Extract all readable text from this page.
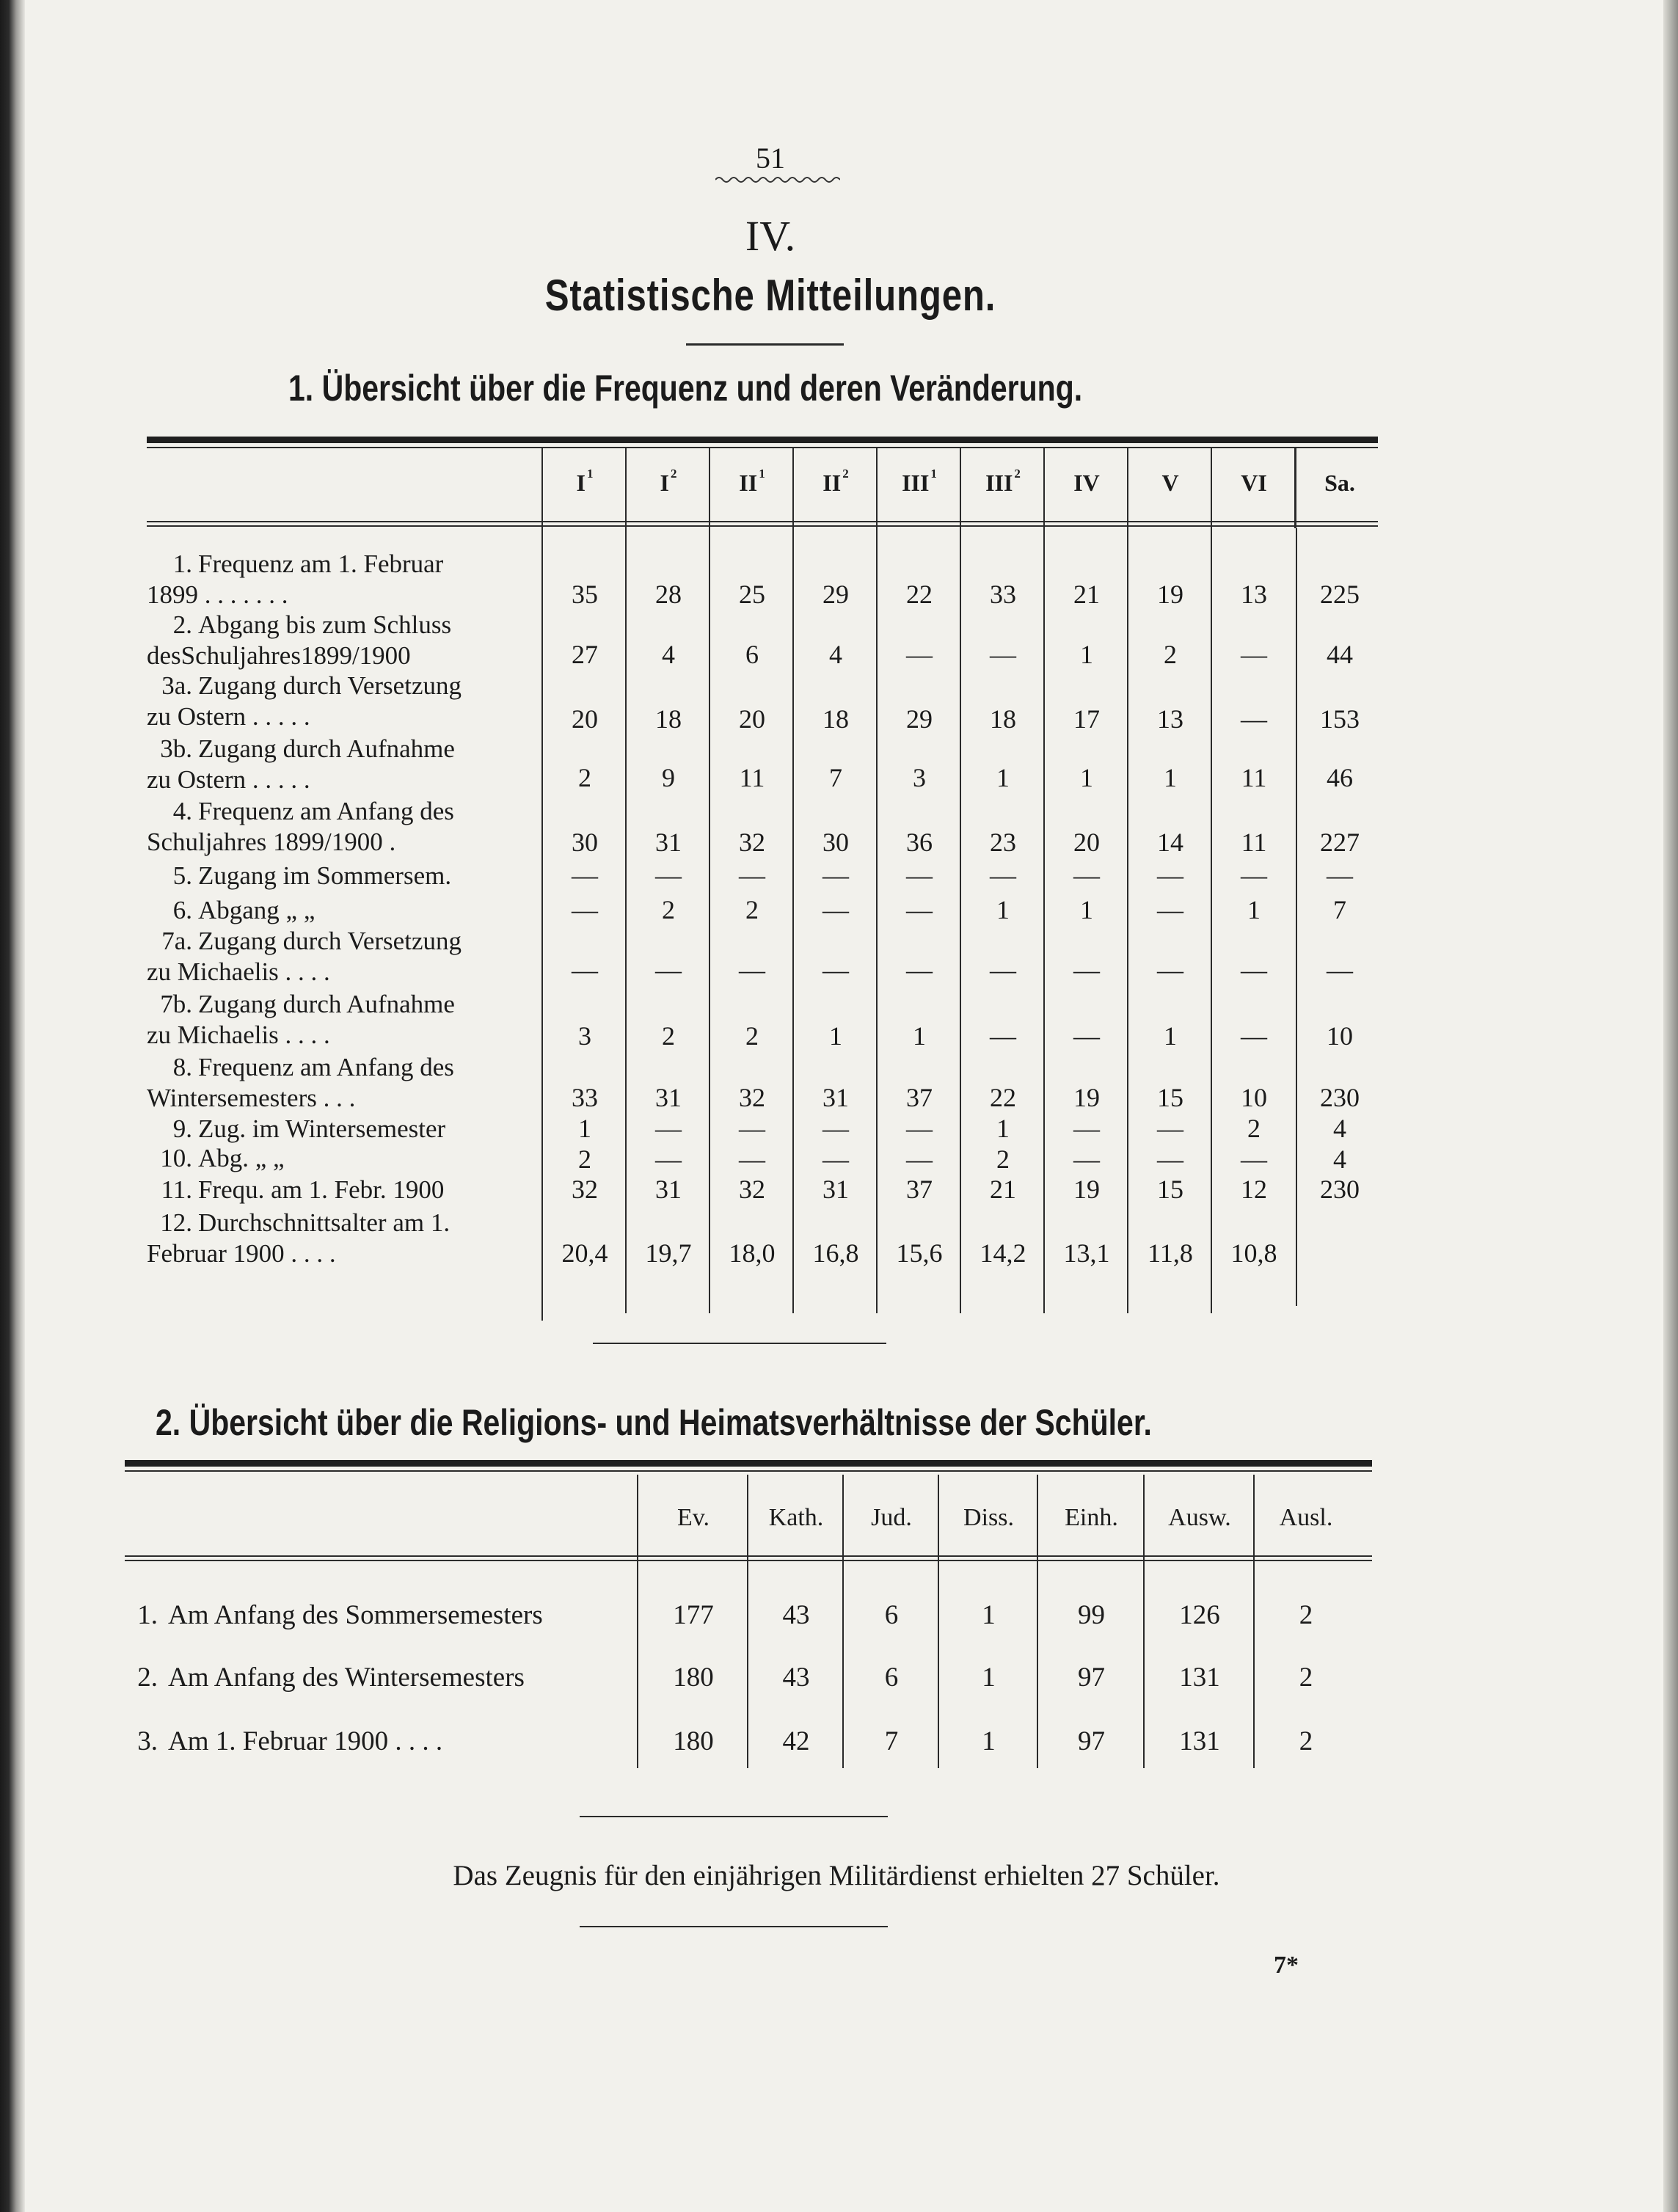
51
IV.
Statistische Mitteilungen.
1. Übersicht über die Frequenz und deren Veränderung.
I $^1$	I $^2$	II $^1$	II $^2$	III $^1$	III $^2$	IV	V	VI	Sa.
1. Frequenz am 1. Februar
1899 . . . . . . .	35	28	25	29	22	33	21	19	13	225
2. Abgang bis zum Schluss
desSchuljahres1899/1900	27	4	6	4	—	—	1	2	—	44
3a. Zugang durch Versetzung
zu Ostern . . . . .	20	18	20	18	29	18	17	13	—	153
3b. Zugang durch Aufnahme
zu Ostern . . . . .	2	9	11	7	3	1	1	1	11	46
4. Frequenz am Anfang des
Schuljahres 1899/1900 .	30	31	32	30	36	23	20	14	11	227
5. Zugang im Sommersem.	—	—	—	—	—	—	—	—	—	—
6. Abgang „ „	—	2	2	—	—	1	1	—	1	7
7a. Zugang durch Versetzung
zu Michaelis . . . .	—	—	—	—	—	—	—	—	—	—
7b. Zugang durch Aufnahme
zu Michaelis . . . .	3	2	2	1	1	—	—	1	—	10
8. Frequenz am Anfang des
Wintersemesters . . .	33	31	32	31	37	22	19	15	10	230
9. Zug. im Wintersemester	1	—	—	—	—	1	—	—	2	4
10. Abg. „ „	2	—	—	—	—	2	—	—	—	4
11. Frequ. am 1. Febr. 1900	32	31	32	31	37	21	19	15	12	230
12. Durchschnittsalter am 1.
Februar 1900 . . . .	20,4	19,7	18,0	16,8	15,6	14,2	13,1	11,8	10,8
2. Übersicht über die Religions- und Heimatsverhältnisse der Schüler.
Ev.	Kath.	Jud.	Diss.	Einh.	Ausw.	Ausl.
1. Am Anfang des Sommersemesters	177	43	6	1	99	126	2
2. Am Anfang des Wintersemesters	180	43	6	1	97	131	2
3. Am 1. Februar 1900 . . . .	180	42	7	1	97	131	2
Das Zeugnis für den einjährigen Militärdienst erhielten 27 Schüler.
7*
